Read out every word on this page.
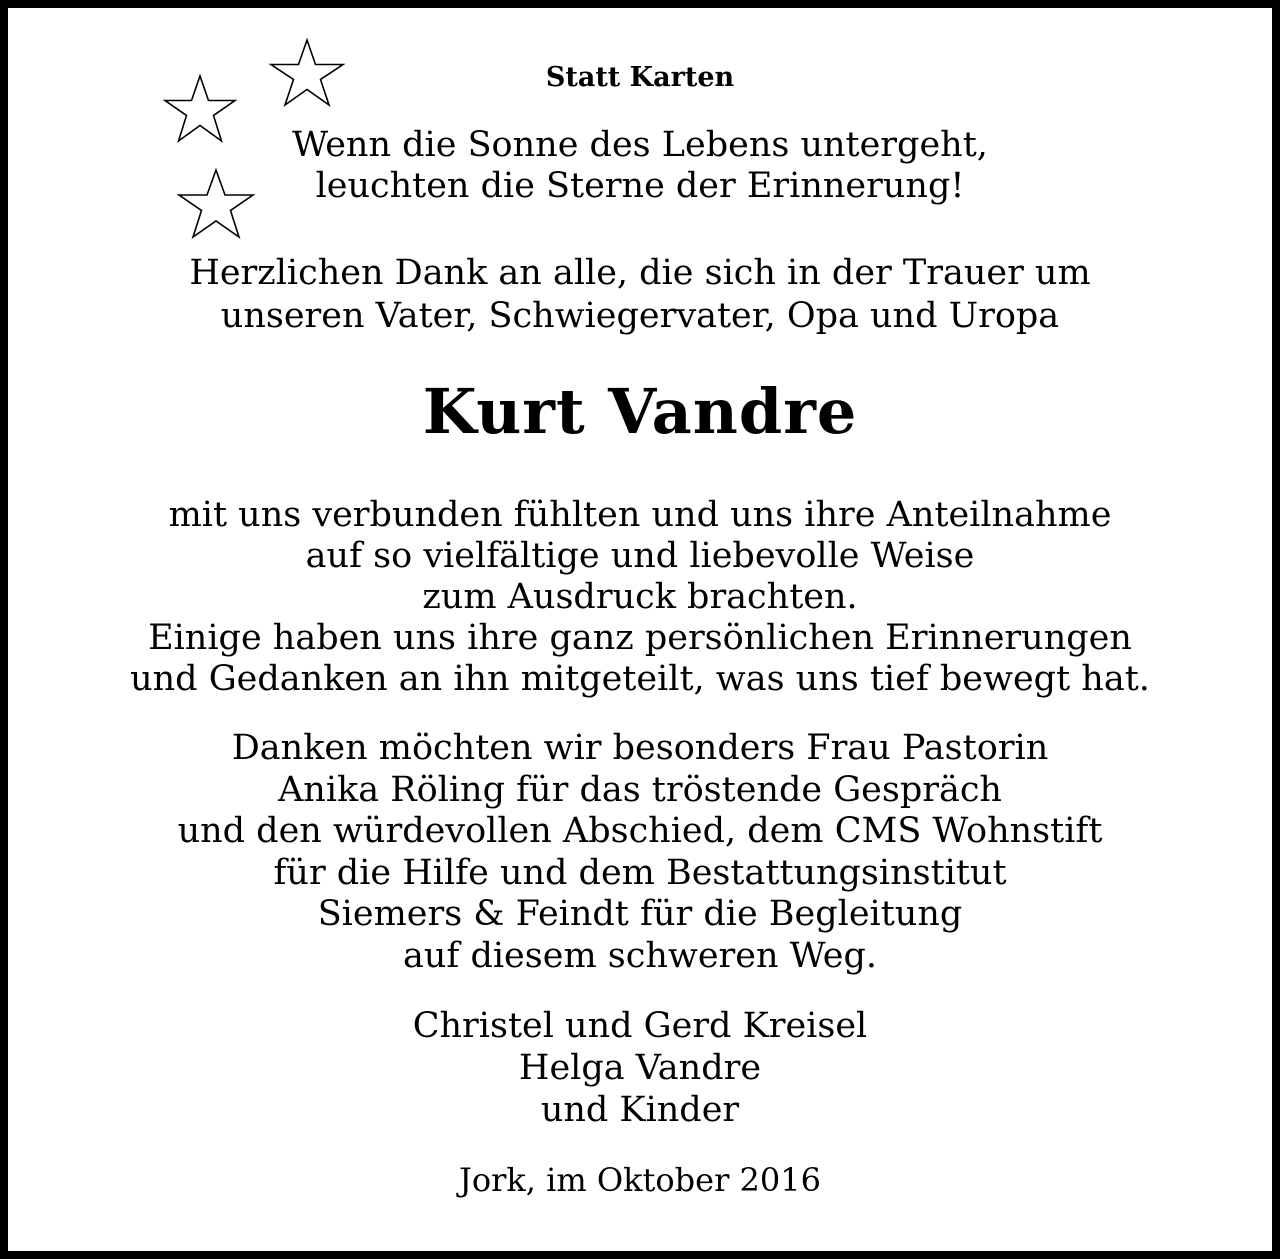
Statt Karten
Wenn die Sonne des Lebens untergeht,
leuchten die Sterne der Erinnerung!
Herzlichen Dank an alle, die sich in der Trauer um
unseren Vater, Schwiegervater, Opa und Uropa
Kurt Vandre
mit uns verbunden fühlten und uns ihre Anteilnahme
auf so vielfältige und liebevolle Weise
zum Ausdruck brachten.
Einige haben uns ihre ganz persönlichen Erinnerungen
und Gedanken an ihn mitgeteilt, was uns tief bewegt hat.
Danken möchten wir besonders Frau Pastorin
Anika Röling für das tröstende Gespräch
und den würdevollen Abschied, dem CMS Wohnstift
für die Hilfe und dem Bestattungsinstitut
Siemers & Feindt für die Begleitung
auf diesem schweren Weg.
Christel und Gerd Kreisel
Helga Vandre
und Kinder
Jork, im Oktober 2016
